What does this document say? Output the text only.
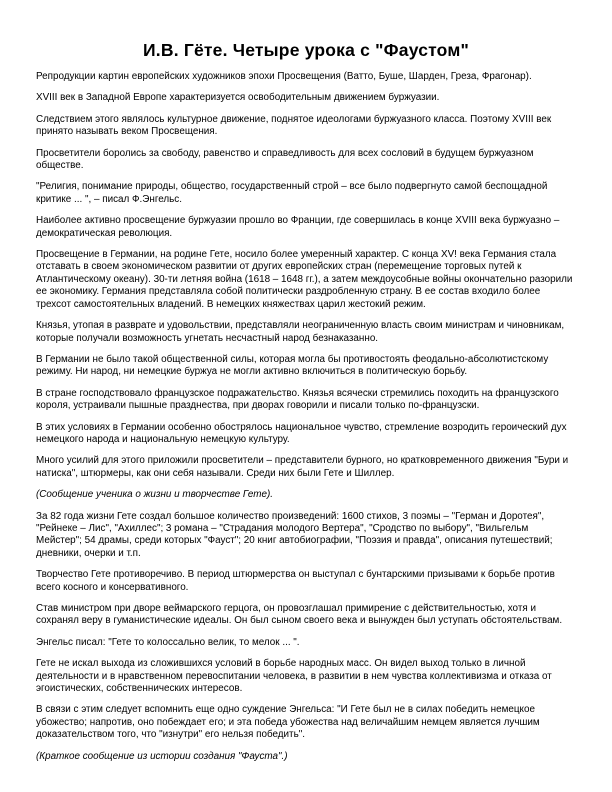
И.В. Гёте. Четыре урока с "Фаустом"

Репродукции картин европейских художников эпохи Просвещения (Ватто, Буше, Шарден, Греза, Фрагонар).

XVIII век в Западной Европе характеризуется освободительным движением буржуазии.

Следствием этого являлось культурное движение, поднятое идеологами буржуазного класса. Поэтому XVIII век принято называть веком Просвещения.

Просветители боролись за свободу, равенство и справедливость для всех сословий в будущем буржуазном обществе.

"Религия, понимание природы, общество, государственный строй – все было подвергнуто самой беспощадной критике ... ", – писал Ф.Энгельс.

Наиболее активно просвещение буржуазии прошло во Франции, где совершилась в конце XVIII века буржуазно – демократическая революция.

Просвещение в Германии, на родине Гете, носило более умеренный характер. С конца XV! века Германия стала отставать в своем экономическом развитии от других европейских стран (перемещение торговых путей к Атлантическому океану). 30-ти летняя война (1618 – 1648 гг.), а затем междоусобные войны окончательно разорили ее экономику. Германия представляла собой политически раздробленную страну. В ее состав входило более трехсот самостоятельных владений. В немецких княжествах царил жестокий режим.

Князья, утопая в разврате и удовольствии, представляли неограниченную власть своим министрам и чиновникам, которые получали возможность угнетать несчастный народ безнаказанно.

В Германии не было такой общественной силы, которая могла бы противостоять феодально-абсолютистскому режиму. Ни народ, ни немецкие буржуа не могли активно включиться в политическую борьбу.

В стране господствовало французское подражательство. Князья всячески стремились походить на французского короля, устраивали пышные празднества, при дворах говорили и писали только по-французски.

В этих условиях в Германии особенно обострялось национальное чувство, стремление возродить героический дух немецкого народа и национальную немецкую культуру.

Много усилий для этого приложили просветители – представители бурного, но кратковременного движения "Бури и натиска", штюрмеры, как они себя называли. Среди них были Гете и Шиллер.

(Сообщение ученика о жизни и творчестве Гете).

За 82 года жизни Гете создал большое количество произведений: 1600 стихов, 3 поэмы – "Герман и Доротея", "Рейнеке – Лис", "Ахиллес"; 3 романа – "Страдания молодого Вертера", "Сродство по выбору", "Вильгельм Мейстер"; 54 драмы, среди которых "Фауст"; 20 книг автобиографии, "Поэзия и правда", описания путешествий; дневники, очерки и т.п.

Творчество Гете противоречиво. В период штюрмерства он выступал с бунтарскими призывами к борьбе против всего косного и консервативного.

Став министром при дворе веймарского герцога, он провозглашал примирение с действительностью, хотя и сохранял веру в гуманистические идеалы. Он был сыном своего века и вынужден был уступать обстоятельствам.

Энгельс писал: "Гете то колоссально велик, то мелок ... ".

Гете не искал выхода из сложившихся условий в борьбе народных масс. Он видел выход только в личной деятельности и в нравственном перевоспитании человека, в развитии в нем чувства коллективизма и отказа от эгоистических, собственнических интересов.

В связи с этим следует вспомнить еще одно суждение Энгельса: "И Гете был не в силах победить немецкое убожество; напротив, оно побеждает его; и эта победа убожества над величайшим немцем является лучшим доказательством того, что "изнутри" его нельзя победить".

(Краткое сообщение из истории создания "Фауста".)
